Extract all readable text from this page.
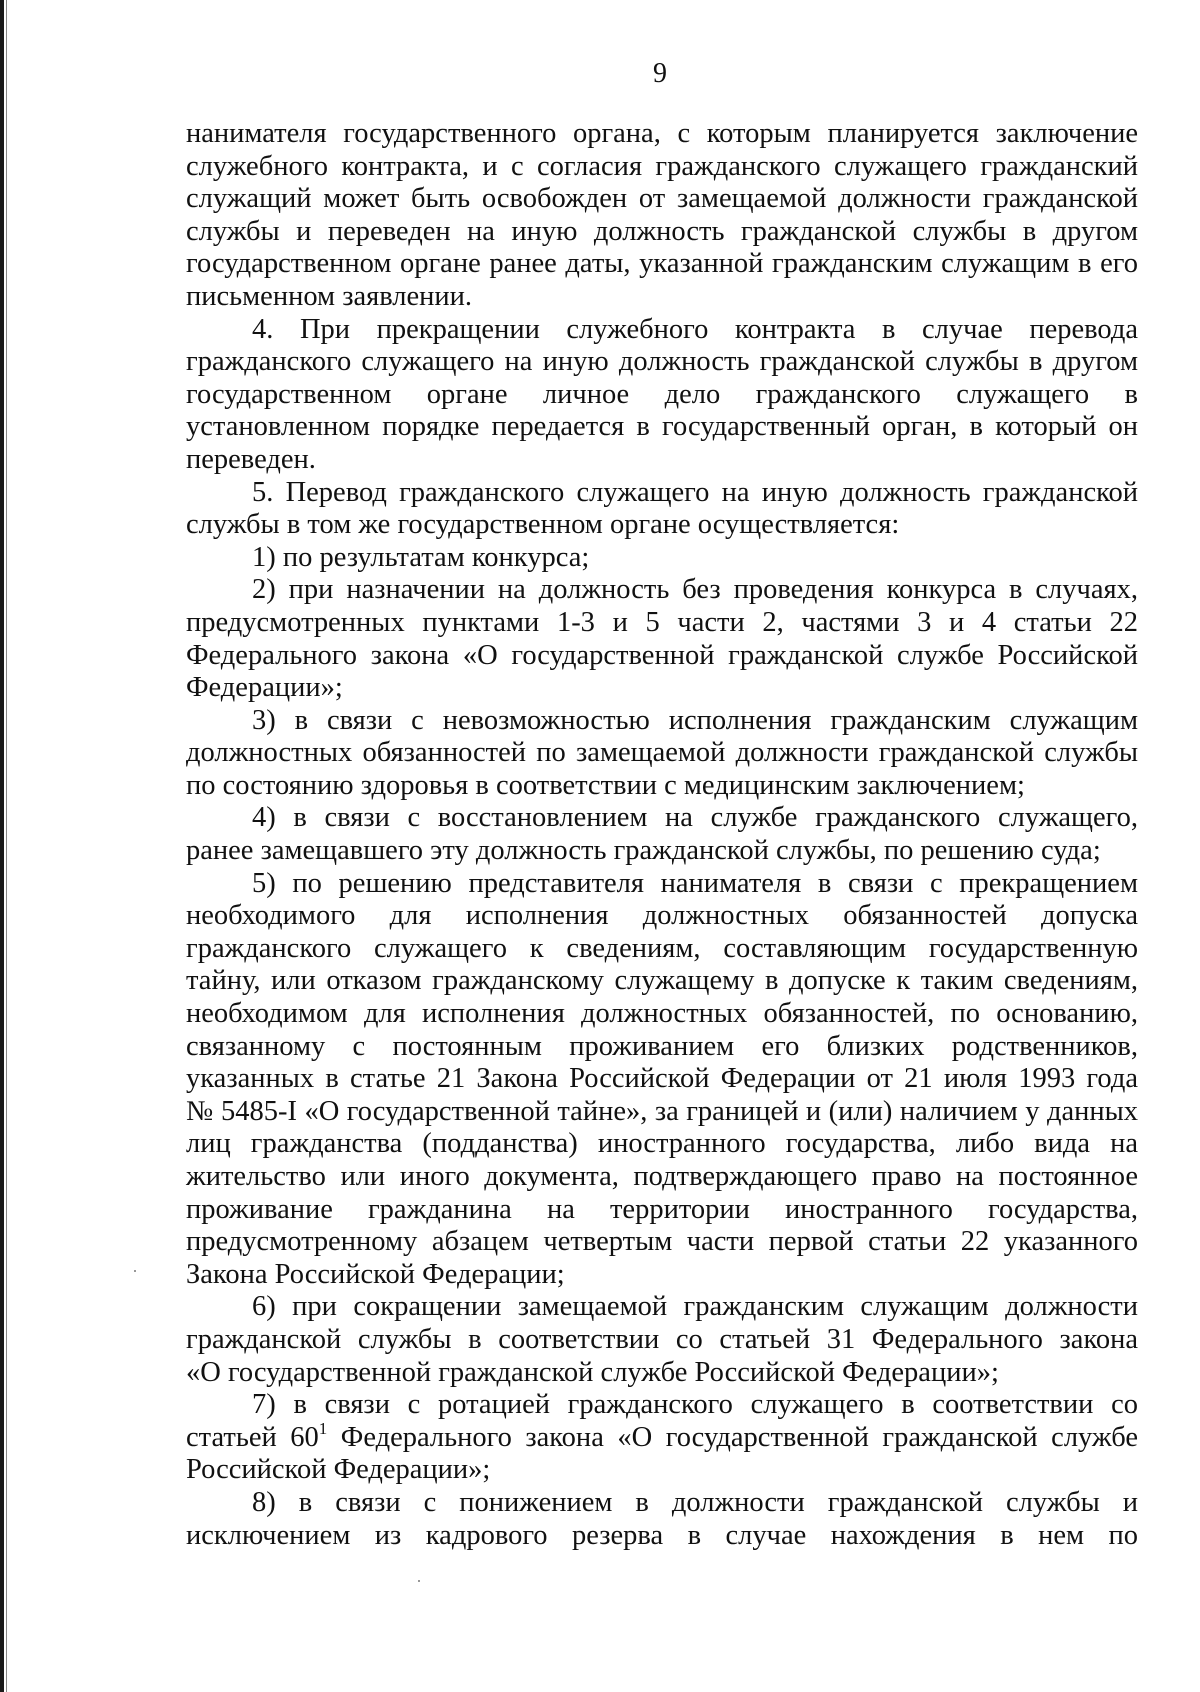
9
нанимателя государственного органа, с которым планируется заключение
служебного контракта, и с согласия гражданского служащего гражданский
служащий может быть освобожден от замещаемой должности гражданской
службы и переведен на иную должность гражданской службы в другом
государственном органе ранее даты, указанной гражданским служащим в его
письменном заявлении.
4. При прекращении служебного контракта в случае перевода
гражданского служащего на иную должность гражданской службы в другом
государственном органе личное дело гражданского служащего в
установленном порядке передается в государственный орган, в который он
переведен.
5. Перевод гражданского служащего на иную должность гражданской
службы в том же государственном органе осуществляется:
1) по результатам конкурса;
2) при назначении на должность без проведения конкурса в случаях,
предусмотренных пунктами 1-3 и 5 части 2, частями 3 и 4 статьи 22
Федерального закона «О государственной гражданской службе Российской
Федерации»;
3) в связи с невозможностью исполнения гражданским служащим
должностных обязанностей по замещаемой должности гражданской службы
по состоянию здоровья в соответствии с медицинским заключением;
4) в связи с восстановлением на службе гражданского служащего,
ранее замещавшего эту должность гражданской службы, по решению суда;
5) по решению представителя нанимателя в связи с прекращением
необходимого для исполнения должностных обязанностей допуска
гражданского служащего к сведениям, составляющим государственную
тайну, или отказом гражданскому служащему в допуске к таким сведениям,
необходимом для исполнения должностных обязанностей, по основанию,
связанному с постоянным проживанием его близких родственников,
указанных в статье 21 Закона Российской Федерации от 21 июля 1993 года
№ 5485-I «О государственной тайне», за границей и (или) наличием у данных
лиц гражданства (подданства) иностранного государства, либо вида на
жительство или иного документа, подтверждающего право на постоянное
проживание гражданина на территории иностранного государства,
предусмотренному абзацем четвертым части первой статьи 22 указанного
Закона Российской Федерации;
6) при сокращении замещаемой гражданским служащим должности
гражданской службы в соответствии со статьей 31 Федерального закона
«О государственной гражданской службе Российской Федерации»;
7) в связи с ротацией гражданского служащего в соответствии со
статьей $60^1$ Федерального закона «О государственной гражданской службе
Российской Федерации»;
8) в связи с понижением в должности гражданской службы и
исключением из кадрового резерва в случае нахождения в нем по
